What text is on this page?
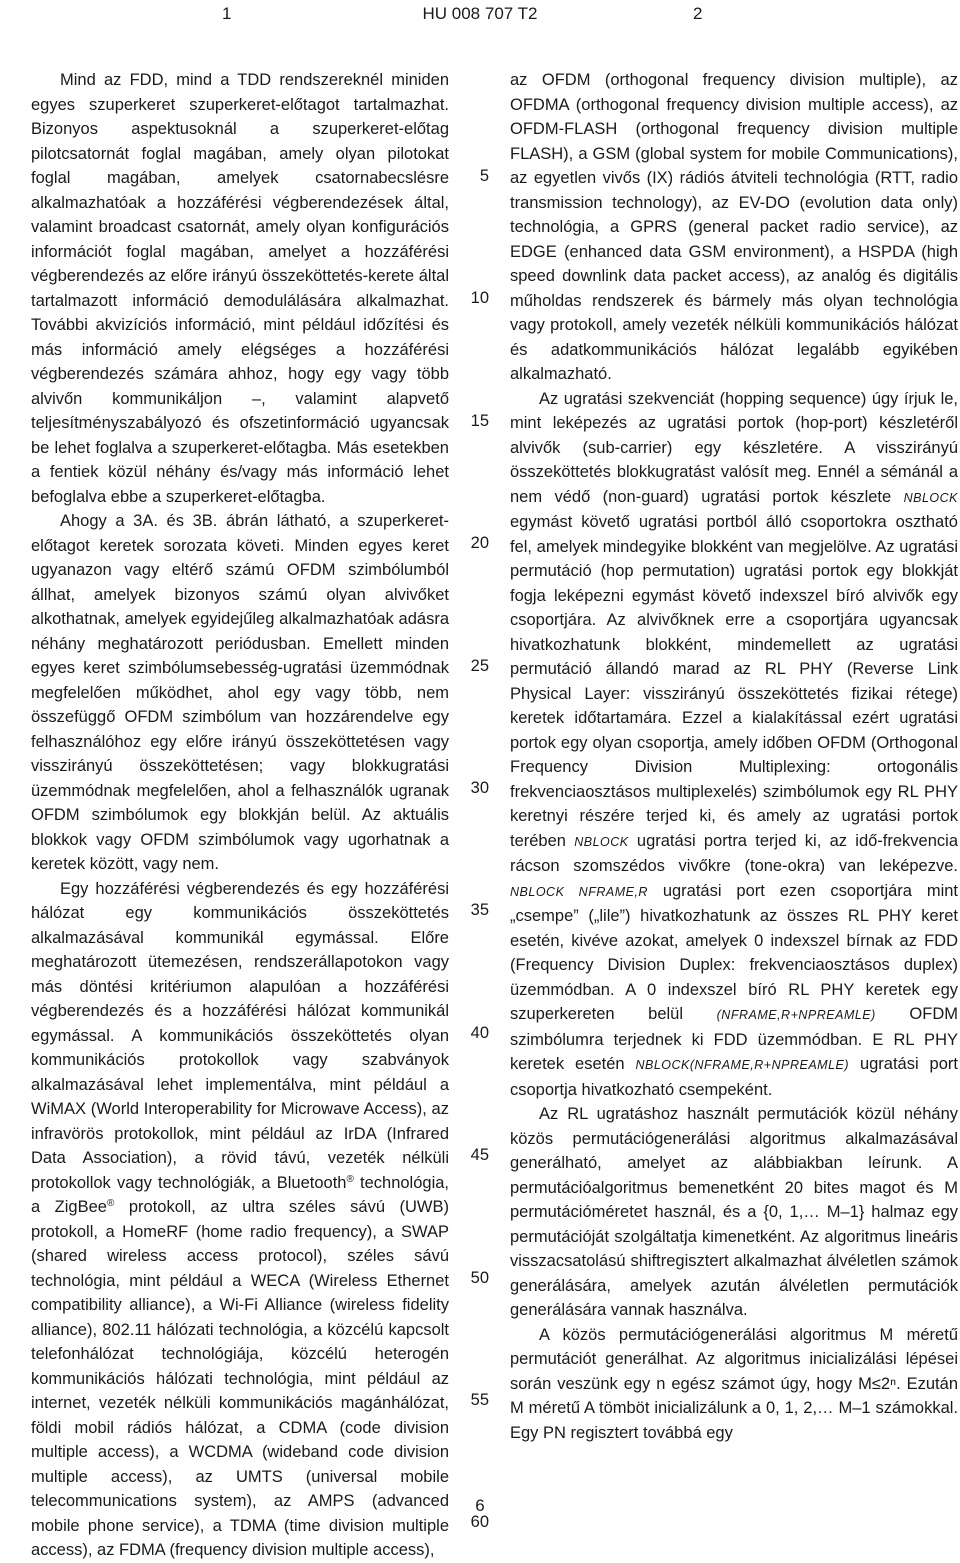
1	HU 008 707 T2	2

Mind az FDD, mind a TDD rendszereknél miniden egyes szuperkeret szuperkeret-előtagot tartalmazhat. Bizonyos aspektusoknál a szuperkeret-előtag pilotcsatornát foglal magában, amely olyan pilotokat foglal magában, amelyek csatornabecslésre alkalmazhatóak a hozzáférési végberendezések által, valamint broadcast csatornát, amely olyan konfigurációs információt foglal magában, amelyet a hozzáférési végberendezés az előre irányú összeköttetés-kerete által tartalmazott információ demodulálására alkalmazhat. További akvizíciós információ, mint például időzítési és más információ amely elégséges a hozzáférési végberendezés számára ahhoz, hogy egy vagy több alvivőn kommunikáljon –, valamint alapvető teljesítményszabályozó és ofszetinformáció ugyancsak be lehet foglalva a szuperkeret-előtagba. Más esetekben a fentiek közül néhány és/vagy más információ lehet befoglalva ebbe a szuperkeret-előtagba.

Ahogy a 3A. és 3B. ábrán látható, a szuperkeret-előtagot keretek sorozata követi. Minden egyes keret ugyanazon vagy eltérő számú OFDM szimbólumból állhat, amelyek bizonyos számú olyan alvivőket alkothatnak, amelyek egyidejűleg alkalmazhatóak adásra néhány meghatározott periódusban. Emellett minden egyes keret szimbólumsebesség-ugratási üzemmódnak megfelelően működhet, ahol egy vagy több, nem összefüggő OFDM szimbólum van hozzárendelve egy felhasználóhoz egy előre irányú összeköttetésen vagy visszirányú összeköttetésen; vagy blokkugratási üzemmódnak megfelelően, ahol a felhasználók ugranak OFDM szimbólumok egy blokkján belül. Az aktuális blokkok vagy OFDM szimbólumok vagy ugorhatnak a keretek között, vagy nem.

Egy hozzáférési végberendezés és egy hozzáférési hálózat egy kommunikációs összeköttetés alkalmazásával kommunikál egymással. Előre meghatározott ütemezésen, rendszerállapotokon vagy más döntési kritériumon alapulóan a hozzáférési végberendezés és a hozzáférési hálózat kommunikál egymással. A kommunikációs összeköttetés olyan kommunikációs protokollok vagy szabványok alkalmazásával lehet implementálva, mint például a WiMAX (World Interoperability for Microwave Access), az infravörös protokollok, mint például az IrDA (Infrared Data Association), a rövid távú, vezeték nélküli protokollok vagy technológiák, a Bluetooth® technológia, a ZigBee® protokoll, az ultra széles sávú (UWB) protokoll, a HomeRF (home radio frequency), a SWAP (shared wireless access protocol), széles sávú technológia, mint például a WECA (Wireless Ethernet compatibility alliance), a Wi-Fi Alliance (wireless fidelity alliance), 802.11 hálózati technológia, a közcélú kapcsolt telefonhálózat technológiája, közcélú heterogén kommunikációs hálózati technológia, mint például az internet, vezeték nélküli kommunikációs magánhálózat, földi mobil rádiós hálózat, a CDMA (code division multiple access), a WCDMA (wideband code division multiple access), az UMTS (universal mobile telecommunications system), az AMPS (advanced mobile phone service), a TDMA (time division multiple access), az FDMA (frequency division multiple access),

5
10
15
20
25
30
35
40
45
50
55
60

az OFDM (orthogonal frequency division multiple), az OFDMA (orthogonal frequency division multiple access), az OFDM-FLASH (orthogonal frequency division multiple FLASH), a GSM (global system for mobile Communications), az egyetlen vivős (IX) rádiós átviteli technológia (RTT, radio transmission technology), az EV-DO (evolution data only) technológia, a GPRS (general packet radio service), az EDGE (enhanced data GSM environment), a HSPDA (high speed downlink data packet access), az analóg és digitális műholdas rendszerek és bármely más olyan technológia vagy protokoll, amely vezeték nélküli kommunikációs hálózat és adatkommunikációs hálózat legalább egyikében alkalmazható.

Az ugratási szekvenciát (hopping sequence) úgy írjuk le, mint leképezés az ugratási portok (hop-port) készletéről alvivők (sub-carrier) egy készletére. A visszirányú összeköttetés blokkugratást valósít meg. Ennél a sémánál a nem védő (non-guard) ugratási portok készlete NBLOCK egymást követő ugratási portból álló csoportokra osztható fel, amelyek mindegyike blokként van megjelölve. Az ugratási permutáció (hop permutation) ugratási portok egy blokkját fogja leképezni egymást követő indexszel bíró alvivők egy csoportjára. Az alvivőknek erre a csoportjára ugyancsak hivatkozhatunk blokként, mindemellett az ugratási permutáció állandó marad az RL PHY (Reverse Link Physical Layer: visszirányú összeköttetés fizikai rétege) keretek időtartamára. Ezzel a kialakítással ezért ugratási portok egy olyan csoportja, amely időben OFDM (Orthogonal Frequency Division Multiplexing: ortogonális frekvenciaosztásos multiplexelés) szimbólumok egy RL PHY keretnyi részére terjed ki, és amely az ugratási portok terében NBLOCK ugratási portra terjed ki, az idő-frekvencia rácson szomszédos vivőkre (tone-okra) van leképezve. NBLOCK NFRAME,R ugratási port ezen csoportjára mint „csempe” („lile”) hivatkozhatunk az összes RL PHY keret esetén, kivéve azokat, amelyek 0 indexszel bírnak az FDD (Frequency Division Duplex: frekvenciaosztásos duplex) üzemmódban. A 0 indexszel bíró RL PHY keretek egy szuperkereten belül (NFRAME,R+NPREAMLE) OFDM szimbólumra terjednek ki FDD üzemmódban. E RL PHY keretek esetén NBLOCK(NFRAME,R+NPREAMLE) ugratási port csoportja hivatkozható csempeként.

Az RL ugratáshoz használt permutációk közül néhány közös permutációgenerálási algoritmus alkalmazásával generálható, amelyet az alábbiakban leírunk. A permutációalgoritmus bemenetként 20 bites magot és M permutációméretet használ, és a {0, 1,… M–1} halmaz egy permutációját szolgáltatja kimenetként. Az algoritmus lineáris visszacsatolású shiftregisztert alkalmazhat álvéletlen számok generálására, amelyek azután álvéletlen permutációk generálására vannak használva.

A közös permutációgenerálási algoritmus M méretű permutációt generálhat. Az algoritmus inicializálási lépései során veszünk egy n egész számot úgy, hogy M≤2ⁿ. Ezután M méretű A tömböt inicializálunk a 0, 1, 2,… M–1 számokkal. Egy PN regisztert továbbá egy

6
